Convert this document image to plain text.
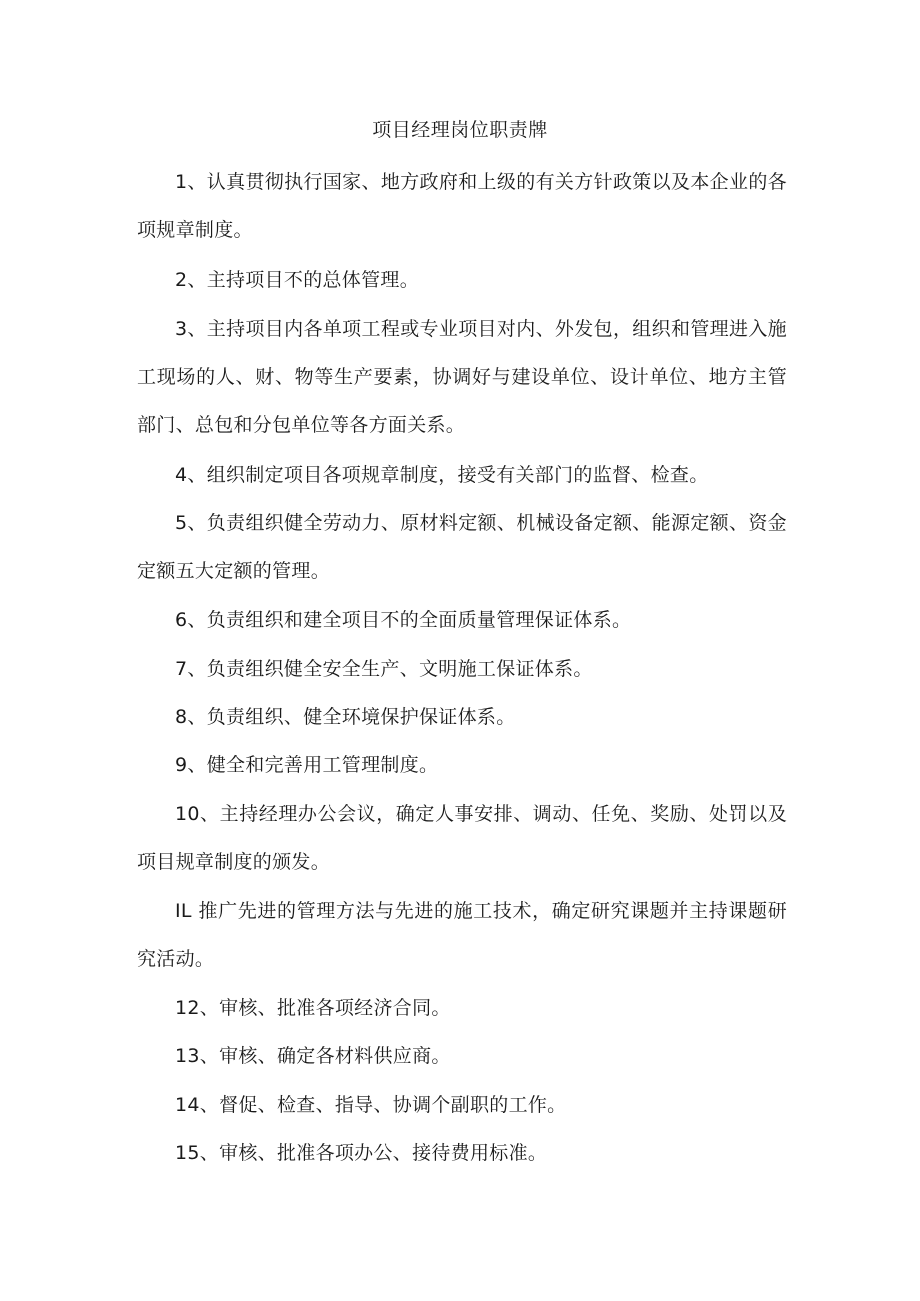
项目经理岗位职责牌
1、认真贯彻执行国家、地方政府和上级的有关方针政策以及本企业的各项规章制度。
2、主持项目不的总体管理。
3、主持项目内各单项工程或专业项目对内、外发包，组织和管理进入施工现场的人、财、物等生产要素，协调好与建设单位、设计单位、地方主管部门、总包和分包单位等各方面关系。
4、组织制定项目各项规章制度，接受有关部门的监督、检查。
5、负责组织健全劳动力、原材料定额、机械设备定额、能源定额、资金定额五大定额的管理。
6、负责组织和建全项目不的全面质量管理保证体系。
7、负责组织健全安全生产、文明施工保证体系。
8、负责组织、健全环境保护保证体系。
9、健全和完善用工管理制度。
10、主持经理办公会议，确定人事安排、调动、任免、奖励、处罚以及项目规章制度的颁发。
IL 推广先进的管理方法与先进的施工技术，确定研究课题并主持课题研究活动。
12、审核、批准各项经济合同。
13、审核、确定各材料供应商。
14、督促、检查、指导、协调个副职的工作。
15、审核、批准各项办公、接待费用标准。
